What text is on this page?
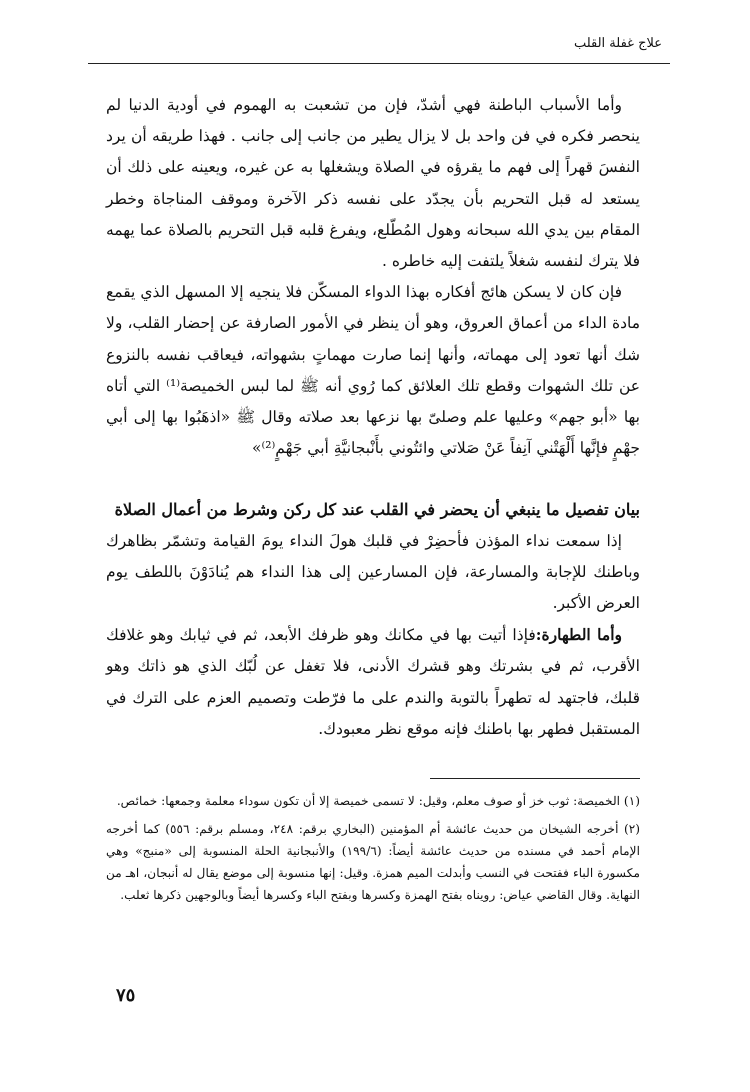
علاج غفلة القلب

وأما الأسباب الباطنة فهي أشدّ، فإن من تشعبت به الهموم في أودية الدنيا لم ينحصر فكره في فن واحد بل لا يزال يطير من جانب إلى جانب . فهذا طريقه أن يرد النفسَ قهراً إلى فهم ما يقرؤه في الصلاة ويشغلها به عن غيره، ويعينه على ذلك أن يستعد له قبل التحريم بأن يجدّد على نفسه ذكر الآخرة وموقف المناجاة وخطر المقام بين يدي الله سبحانه وهول المُطّلع، ويفرغ قلبه قبل التحريم بالصلاة عما يهمه فلا يترك لنفسه شغلاً يلتفت إليه خاطره .

فإن كان لا يسكن هائج أفكاره بهذا الدواء المسكّن فلا ينجيه إلا المسهل الذي يقمع مادة الداء من أعماق العروق، وهو أن ينظر في الأمور الصارفة عن إحضار القلب، ولا شك أنها تعود إلى مهماته، وأنها إنما صارت مهماتٍ بشهواته، فيعاقب نفسه بالنزوع عن تلك الشهوات وقطع تلك العلائق كما رُوي أنه ﷺ لما لبس الخميصة⁽¹⁾ التي أتاه بها «أبو جهم» وعليها علم وصلىّ بها نزعها بعد صلاته وقال ﷺ «اذهَبُوا بها إلى أبي جهْمٍ فإنَّها أَلْهَتْني آنِفاً عَنْ صَلاتي وائتُوني بأَنْبجانيَّةِ أبي جَهْمٍ⁽²⁾»

بيان تفصيل ما ينبغي أن يحضر في القلب عند كل ركن وشرط من أعمال الصلاة

إذا سمعت نداء المؤذن فأحضِرْ في قلبك هولَ النداء يومَ القيامة وتشمّر بظاهرك وباطنك للإجابة والمسارعة، فإن المسارعين إلى هذا النداء هم يُنادَوْنَ باللطف يوم العرض الأكبر.

وأما الطهارة:فإذا أتيت بها في مكانك وهو ظرفك الأبعد، ثم في ثيابك وهو غلافك الأقرب، ثم في بشرتك وهو قشرك الأدنى، فلا تغفل عن لُبّك الذي هو ذاتك وهو قلبك، فاجتهد له تطهراً بالتوبة والندم على ما فرّطت وتصميم العزم على الترك في المستقبل فطهر بها باطنك فإنه موقع نظر معبودك.

(١) الخميصة: ثوب خز أو صوف معلم، وقيل: لا تسمى خميصة إلا أن تكون سوداء معلمة وجمعها: خمائص.

(٢) أخرجه الشيخان من حديث عائشة أم المؤمنين (البخاري برقم: ٢٤٨، ومسلم برقم: ٥٥٦) كما أخرجه الإمام أحمد في مسنده من حديث عائشة أيضاً: (١٩٩/٦) والأنبجانية الحلة المنسوبة إلى «منبج» وهي مكسورة الباء ففتحت في النسب وأبدلت الميم همزة. وقيل: إنها منسوبة إلى موضع يقال له أنبجان، اهـ من النهاية. وقال القاضي عياض: رويناه بفتح الهمزة وكسرها وبفتح الباء وكسرها أيضاً وبالوجهين ذكرها ثعلب.

٧٥
